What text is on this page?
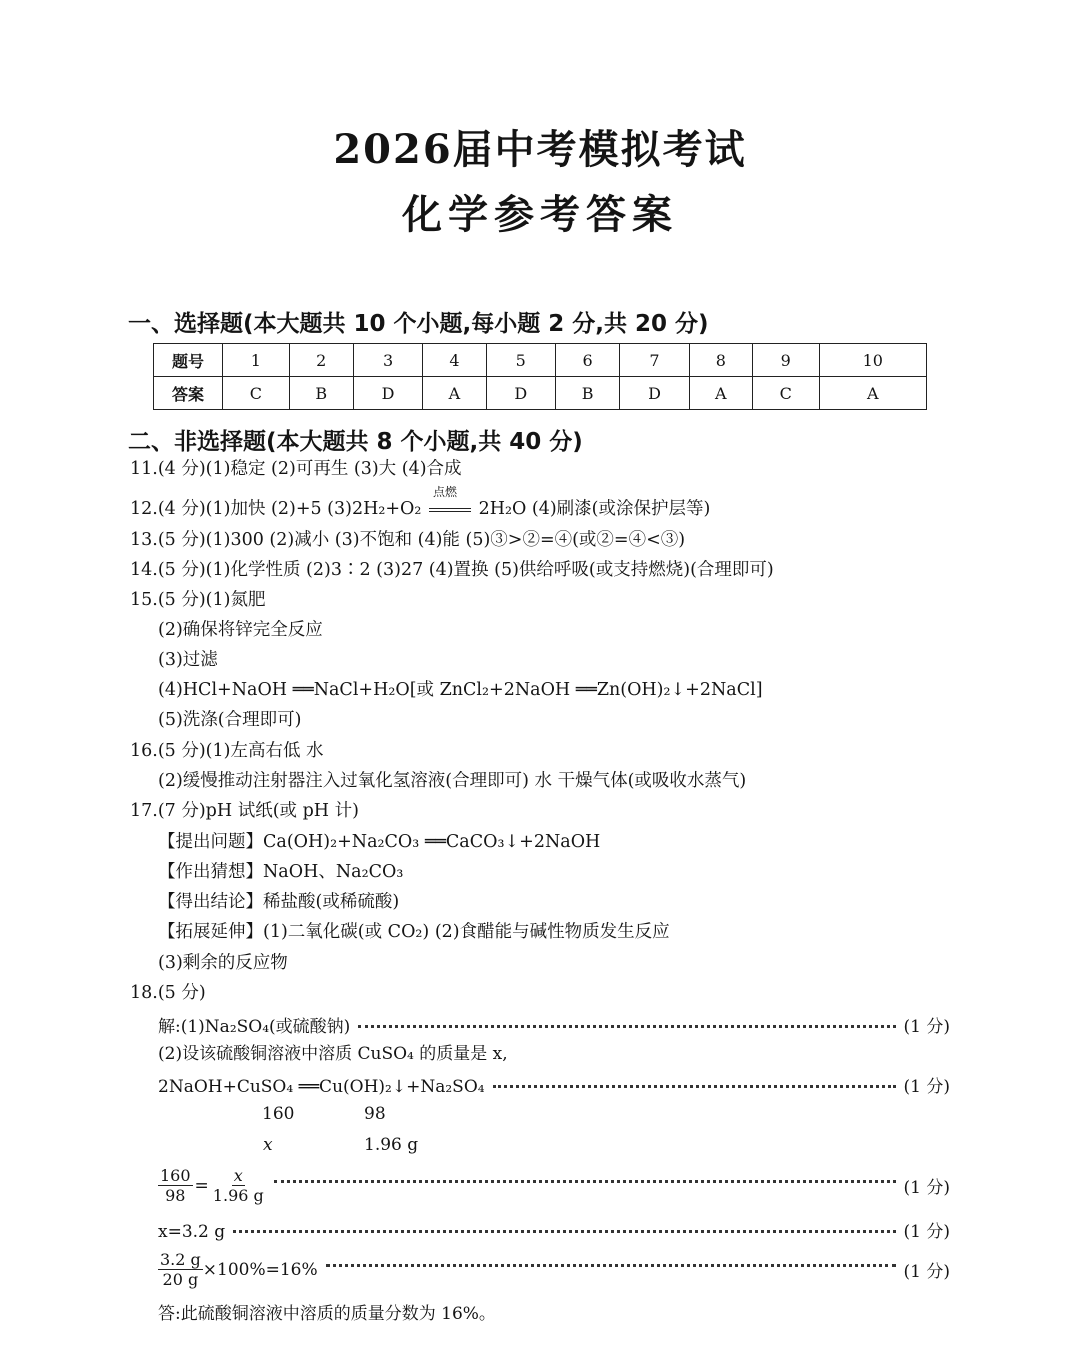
2026届中考模拟考试
化学参考答案
一、选择题(本大题共 10 个小题,每小题 2 分,共 20 分)
题号	1	2	3	4	5	6	7	8	9	10
答案	C	B	D	A	D	B	D	A	C	A
二、非选择题(本大题共 8 个小题,共 40 分)
11.(4 分)(1)稳定 (2)可再生 (3)大 (4)合成
12.(4 分)(1)加快 (2)+5 (3)2H₂+O₂
点燃
2H₂O (4)刷漆(或涂保护层等)
13.(5 分)(1)300 (2)减小 (3)不饱和 (4)能 (5)③>②=④(或②=④<③)
14.(5 分)(1)化学性质 (2)3∶2 (3)27 (4)置换 (5)供给呼吸(或支持燃烧)(合理即可)
15.(5 分)(1)氮肥
(2)确保将锌完全反应
(3)过滤
(4)HCl+NaOH ══NaCl+H₂O[或 ZnCl₂+2NaOH ══Zn(OH)₂↓+2NaCl]
(5)洗涤(合理即可)
16.(5 分)(1)左高右低 水
(2)缓慢推动注射器注入过氧化氢溶液(合理即可) 水 干燥气体(或吸收水蒸气)
17.(7 分)pH 试纸(或 pH 计)
【提出问题】Ca(OH)₂+Na₂CO₃ ══CaCO₃↓+2NaOH
【作出猜想】NaOH、Na₂CO₃
【得出结论】稀盐酸(或稀硫酸)
【拓展延伸】(1)二氧化碳(或 CO₂) (2)食醋能与碱性物质发生反应
(3)剩余的反应物
18.(5 分)
解:(1)Na₂SO₄(或硫酸钠)	(1 分)
(2)设该硫酸铜溶液中溶质 CuSO₄ 的质量是 x,
2NaOH+CuSO₄ ══Cu(OH)₂↓+Na₂SO₄	(1 分)
160	98
x	1.96 g
$\frac{160}{98} = \frac{x}{1.96 g}$	(1 分)
x=3.2 g	(1 分)
$\frac{3.2 g}{20 g} \times 100\%=16\%$	(1 分)
答:此硫酸铜溶液中溶质的质量分数为 16%。
